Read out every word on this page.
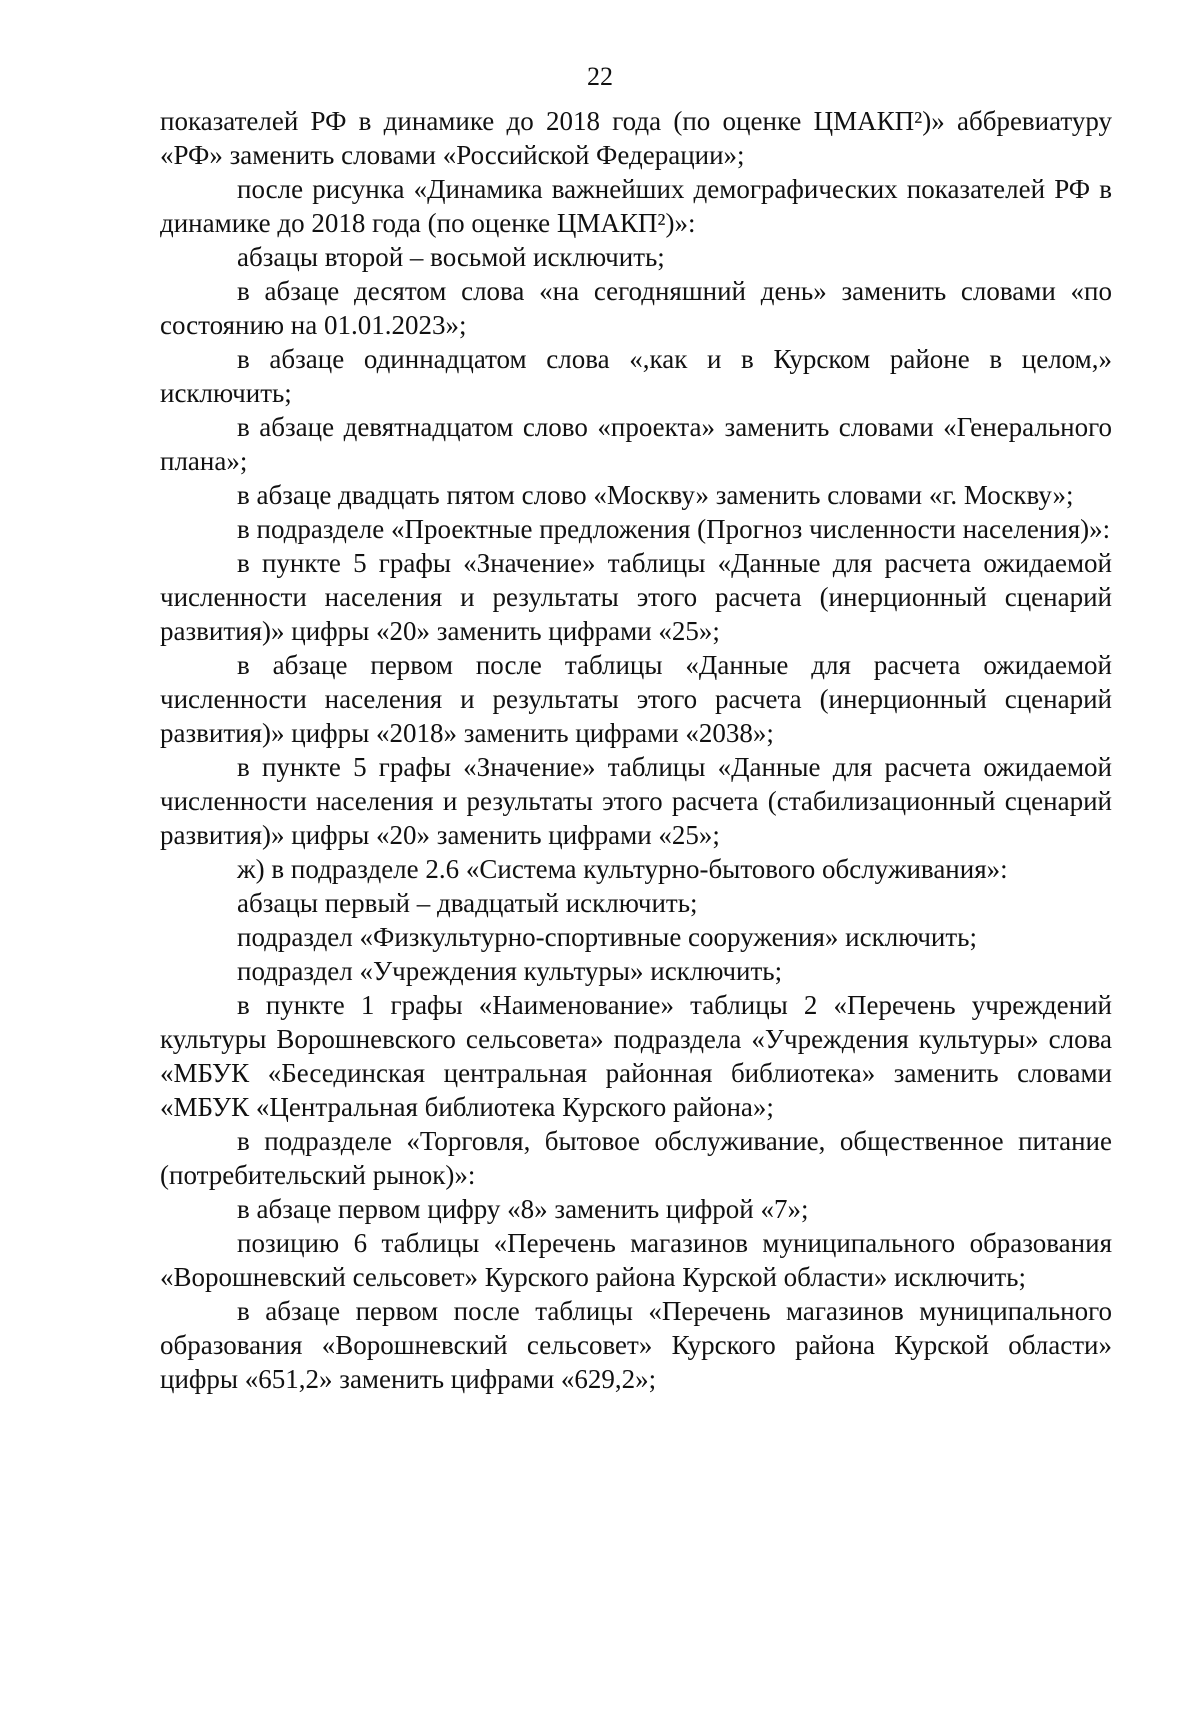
22

показателей РФ в динамике до 2018 года (по оценке ЦМАКП²)» аббревиатуру «РФ» заменить словами «Российской Федерации»;

после рисунка «Динамика важнейших демографических показателей РФ в динамике до 2018 года (по оценке ЦМАКП²)»:

абзацы второй – восьмой исключить;

в абзаце десятом слова «на сегодняшний день» заменить словами «по состоянию на 01.01.2023»;

в абзаце одиннадцатом слова «,как и в Курском районе в целом,» исключить;

в абзаце девятнадцатом слово «проекта» заменить словами «Генерального плана»;

в абзаце двадцать пятом слово «Москву» заменить словами «г. Москву»;

в подразделе «Проектные предложения (Прогноз численности населения)»:

в пункте 5 графы «Значение» таблицы «Данные для расчета ожидаемой численности населения и результаты этого расчета (инерционный сценарий развития)» цифры «20» заменить цифрами «25»;

в абзаце первом после таблицы «Данные для расчета ожидаемой численности населения и результаты этого расчета (инерционный сценарий развития)» цифры «2018» заменить цифрами «2038»;

в пункте 5 графы «Значение» таблицы «Данные для расчета ожидаемой численности населения и результаты этого расчета (стабилизационный сценарий развития)» цифры «20» заменить цифрами «25»;

ж) в подразделе 2.6 «Система культурно-бытового обслуживания»:

абзацы первый – двадцатый исключить;

подраздел «Физкультурно-спортивные сооружения» исключить;

подраздел «Учреждения культуры» исключить;

в пункте 1 графы «Наименование» таблицы 2 «Перечень учреждений культуры Ворошневского сельсовета» подраздела «Учреждения культуры» слова «МБУК «Бесединская центральная районная библиотека» заменить словами «МБУК «Центральная библиотека Курского района»;

в подразделе «Торговля, бытовое обслуживание, общественное питание (потребительский рынок)»:

в абзаце первом цифру «8» заменить цифрой «7»;

позицию 6 таблицы «Перечень магазинов муниципального образования «Ворошневский сельсовет» Курского района Курской области» исключить;

в абзаце первом после таблицы «Перечень магазинов муниципального образования «Ворошневский сельсовет» Курского района Курской области» цифры «651,2» заменить цифрами «629,2»;
